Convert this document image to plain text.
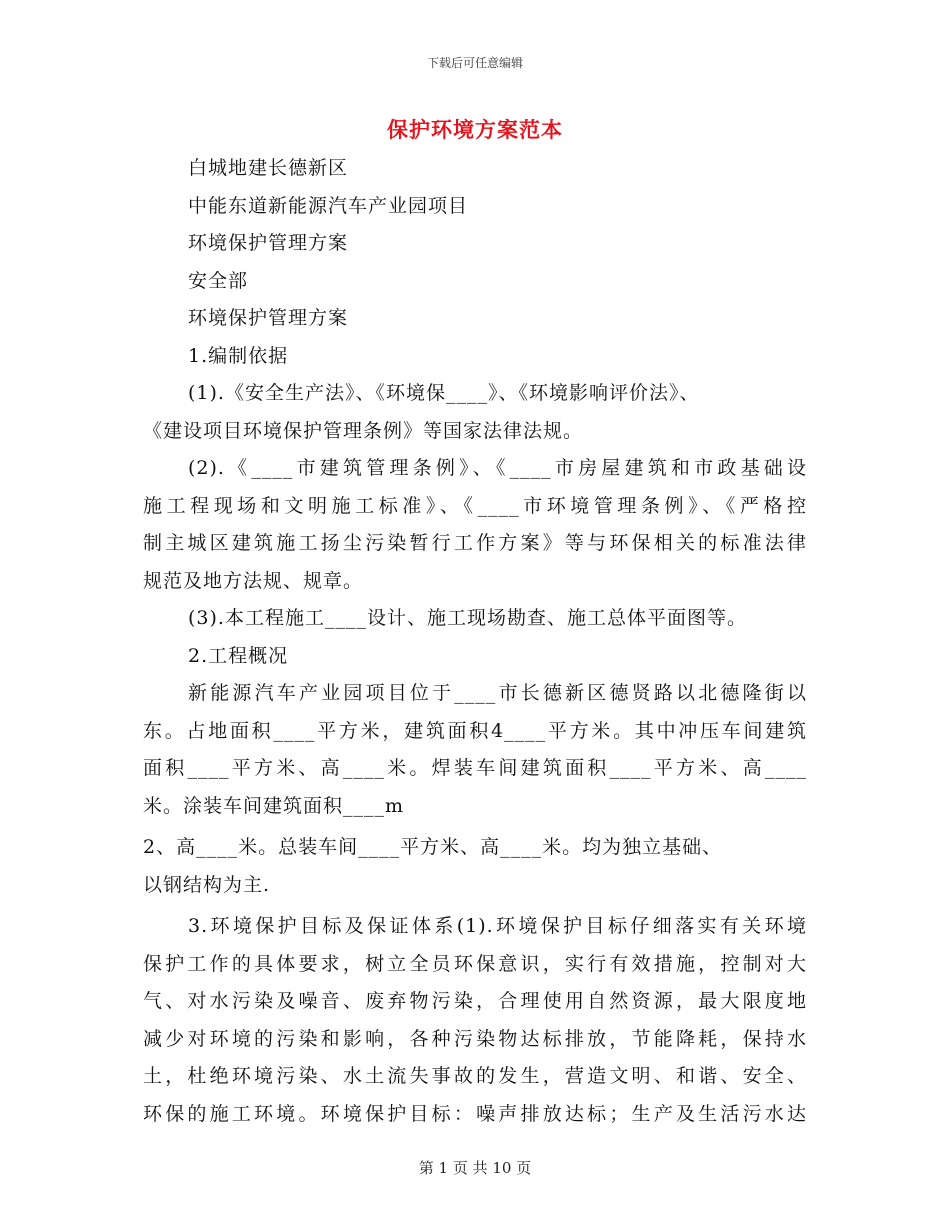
下载后可任意编辑
保护环境方案范本
白城地建长德新区
中能东道新能源汽车产业园项目
环境保护管理方案
安全部
环境保护管理方案
1.编制依据
(1).《安全生产法》、《环境保____》、《环境影响评价法》、
《建设项目环境保护管理条例》等国家法律法规。
(2).《____市建筑管理条例》、《____市房屋建筑和市政基础设
施工程现场和文明施工标准》、《____市环境管理条例》、《严格控
制主城区建筑施工扬尘污染暂行工作方案》等与环保相关的标准法律
规范及地方法规、规章。
(3).本工程施工____设计、施工现场勘查、施工总体平面图等。
2.工程概况
新能源汽车产业园项目位于____市长德新区德贤路以北德隆街以
东。占地面积____平方米，建筑面积4____平方米。其中冲压车间建筑
面积____平方米、高____米。焊装车间建筑面积____平方米、高____
米。涂装车间建筑面积____m
2、高____米。总装车间____平方米、高____米。均为独立基础、
以钢结构为主.
3.环境保护目标及保证体系(1).环境保护目标仔细落实有关环境
保护工作的具体要求，树立全员环保意识，实行有效措施，控制对大
气、对水污染及噪音、废弃物污染，合理使用自然资源，最大限度地
减少对环境的污染和影响，各种污染物达标排放，节能降耗，保持水
土，杜绝环境污染、水土流失事故的发生，营造文明、和谐、安全、
环保的施工环境。环境保护目标：噪声排放达标；生产及生活污水达
第 1 页 共 10 页
